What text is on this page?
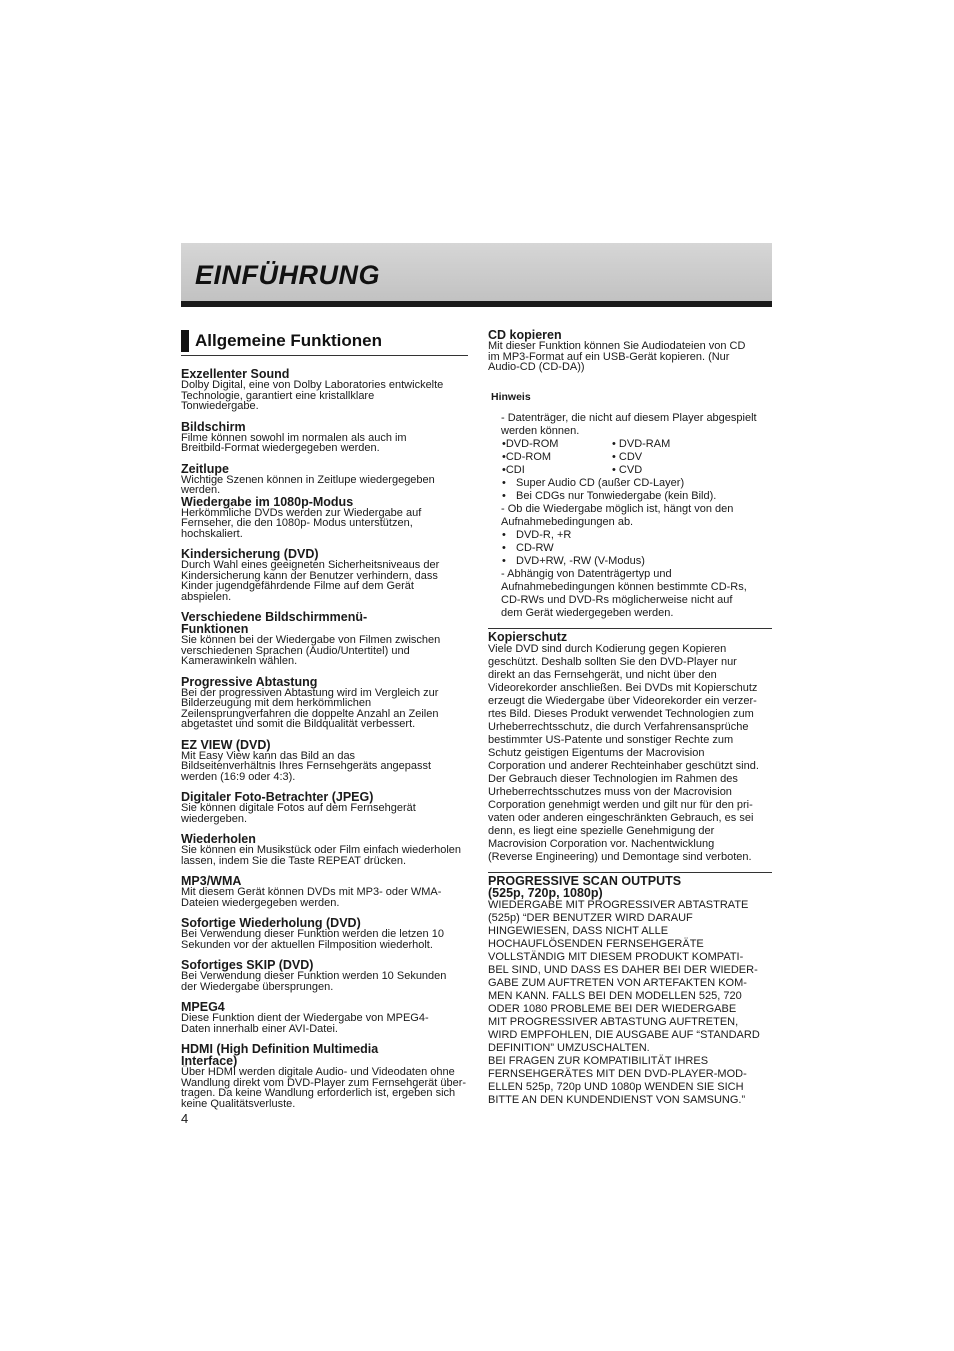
EINFÜHRUNG
Allgemeine Funktionen
Exzellenter Sound
Dolby Digital, eine von Dolby Laboratories entwickelte
Technologie, garantiert eine kristallklare
Tonwiedergabe.
Bildschirm
Filme können sowohl im normalen als auch im
Breitbild-Format wiedergegeben werden.
Zeitlupe
Wichtige Szenen können in Zeitlupe wiedergegeben
werden.
Wiedergabe im 1080p-Modus
Herkömmliche DVDs werden zur Wiedergabe auf
Fernseher, die den 1080p- Modus unterstützen,
hochskaliert.
Kindersicherung (DVD)
Durch Wahl eines geeigneten Sicherheitsniveaus der
Kindersicherung kann der Benutzer verhindern, dass
Kinder jugendgefährdende Filme auf dem Gerät
abspielen.
Verschiedene Bildschirmmenü-
Funktionen
Sie können bei der Wiedergabe von Filmen zwischen
verschiedenen Sprachen (Audio/Untertitel) und
Kamerawinkeln wählen.
Progressive Abtastung
Bei der progressiven Abtastung wird im Vergleich zur
Bilderzeugung mit dem herkömmlichen
Zeilensprungverfahren die doppelte Anzahl an Zeilen
abgetastet und somit die Bildqualität verbessert.
EZ VIEW (DVD)
Mit Easy View kann das Bild an das
Bildseitenverhältnis Ihres Fernsehgeräts angepasst
werden (16:9 oder 4:3).
Digitaler Foto-Betrachter (JPEG)
Sie können digitale Fotos auf dem Fernsehgerät
wiedergeben.
Wiederholen
Sie können ein Musikstück oder Film einfach wiederholen
lassen, indem Sie die Taste REPEAT drücken.
MP3/WMA
Mit diesem Gerät können DVDs mit MP3- oder WMA-
Dateien wiedergegeben werden.
Sofortige Wiederholung (DVD)
Bei Verwendung dieser Funktion werden die letzen 10
Sekunden vor der aktuellen Filmposition wiederholt.
Sofortiges SKIP (DVD)
Bei Verwendung dieser Funktion werden 10 Sekunden
der Wiedergabe übersprungen.
MPEG4
Diese Funktion dient der Wiedergabe von MPEG4-
Daten innerhalb einer AVI-Datei.
HDMI (High Definition Multimedia
Interface)
Über HDMI werden digitale Audio- und Videodaten ohne
Wandlung direkt vom DVD-Player zum Fernsehgerät über-
tragen. Da keine Wandlung erforderlich ist, ergeben sich
keine Qualitätsverluste.
CD kopieren
Mit dieser Funktion können Sie Audiodateien von CD
im MP3-Format auf ein USB-Gerät kopieren. (Nur
Audio-CD (CD-DA))
Hinweis
- Datenträger, die nicht auf diesem Player abgespielt
werden können.
•DVD-ROM	• DVD-RAM
•CD-ROM	• CDV
•CDI	• CVD
• Super Audio CD (außer CD-Layer)
• Bei CDGs nur Tonwiedergabe (kein Bild).
- Ob die Wiedergabe möglich ist, hängt von den
Aufnahmebedingungen ab.
• DVD-R, +R
• CD-RW
• DVD+RW, -RW (V-Modus)
- Abhängig von Datenträgertyp und
Aufnahmebedingungen können bestimmte CD-Rs,
CD-RWs und DVD-Rs möglicherweise nicht auf
dem Gerät wiedergegeben werden.
Kopierschutz
Viele DVD sind durch Kodierung gegen Kopieren
geschützt. Deshalb sollten Sie den DVD-Player nur
direkt an das Fernsehgerät, und nicht über den
Videorekorder anschließen. Bei DVDs mit Kopierschutz
erzeugt die Wiedergabe über Videorekorder ein verzer-
rtes Bild. Dieses Produkt verwendet Technologien zum
Urheberrechtsschutz, die durch Verfahrensansprüche
bestimmter US-Patente und sonstiger Rechte zum
Schutz geistigen Eigentums der Macrovision
Corporation und anderer Rechteinhaber geschützt sind.
Der Gebrauch dieser Technologien im Rahmen des
Urheberrechtsschutzes muss von der Macrovision
Corporation genehmigt werden und gilt nur für den pri-
vaten oder anderen eingeschränkten Gebrauch, es sei
denn, es liegt eine spezielle Genehmigung der
Macrovision Corporation vor. Nachentwicklung
(Reverse Engineering) und Demontage sind verboten.
PROGRESSIVE SCAN OUTPUTS
(525p, 720p, 1080p)
WIEDERGABE MIT PROGRESSIVER ABTASTRATE
(525p) “DER BENUTZER WIRD DARAUF
HINGEWIESEN, DASS NICHT ALLE
HOCHAUFLÖSENDEN FERNSEHGERÄTE
VOLLSTÄNDIG MIT DIESEM PRODUKT KOMPATI-
BEL SIND, UND DASS ES DAHER BEI DER WIEDER-
GABE ZUM AUFTRETEN VON ARTEFAKTEN KOM-
MEN KANN. FALLS BEI DEN MODELLEN 525, 720
ODER 1080 PROBLEME BEI DER WIEDERGABE
MIT PROGRESSIVER ABTASTUNG AUFTRETEN,
WIRD EMPFOHLEN, DIE AUSGABE AUF “STANDARD
DEFINITION” UMZUSCHALTEN.
BEI FRAGEN ZUR KOMPATIBILITÄT IHRES
FERNSEHGERÄTES MIT DEN DVD-PLAYER-MOD-
ELLEN 525p, 720p UND 1080p WENDEN SIE SICH
BITTE AN DEN KUNDENDIENST VON SAMSUNG.”
4
